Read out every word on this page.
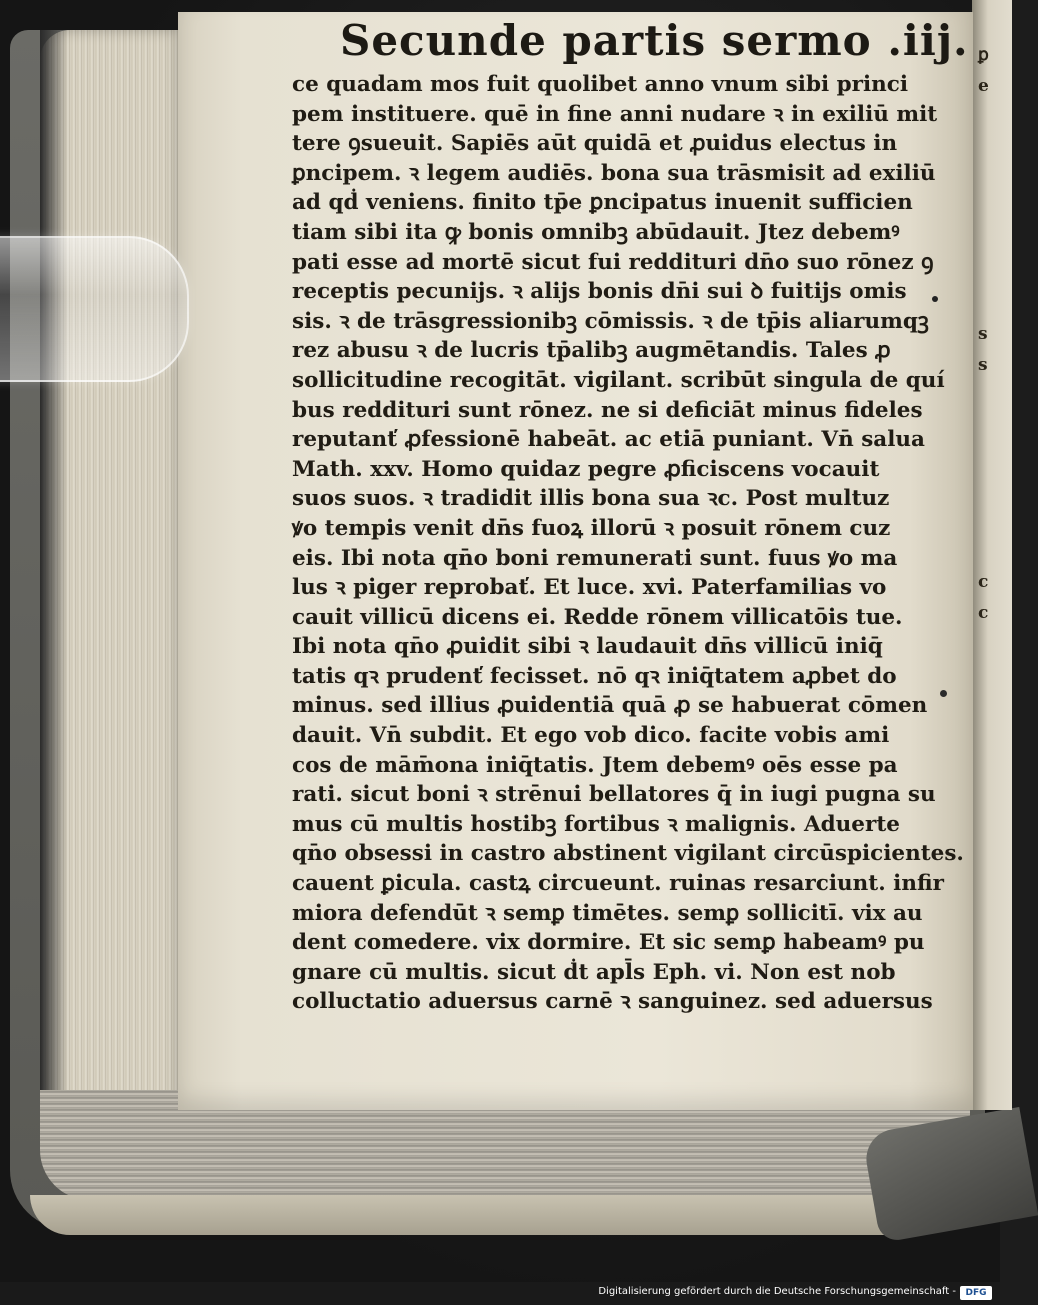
ꝑ
e
s
s
c
c
Secunde partis sermo .iij.
ce quadam mos fuit quolibet anno vnum sibi princi
pem instituere. quē in fine anni nudare ꝛ in exiliū mit
tere ꝯsueuit. Sapiēs aūt quidā et ꝓuidus electus in
ꝑncipem. ꝛ legem audiēs. bona sua trāsmisit ad exiliū
ad qḋ veniens. finito tp̄e ꝑncipatus inuenit sufficien
tiam sibi ita ꝙ bonis omnibꝫ abūdauit. Jtez debemꝰ
pati esse ad mortē sicut fui reddituri dn̄o suo rōnez ꝯ
receptis pecunijs. ꝛ alijs bonis dn̄i sui ꝺ fuitijs omis
sis. ꝛ de trāsgressionibꝫ cōmissis. ꝛ de tp̄is aliarumqꝫ
rez abusu ꝛ de lucris tp̄alibꝫ augmētandis. Tales ꝓ
sollicitudine recogitāt. vigilant. scribūt singula de quí
bus reddituri sunt rōnez. ne si deficiāt minus fideles
reputanť ꝓfessionē habeāt. ac etiā puniant. Vn̄ salua
Math. xxv. Homo quidaz pegre ꝓficiscens vocauit
suos suos. ꝛ tradidit illis bona sua ꝛc. Post multuz
ꝟo tempis venit dn̄s fuoꝝ illorū ꝛ posuit rōnem cuz
eis. Ibi nota qn̄o boni remunerati sunt. fuus ꝟo ma
lus ꝛ piger reprobať. Et luce. xvi. Paterfamilias vo
cauit villicū dicens ei. Redde rōnem villicatōis tue.
Ibi nota qn̄o ꝓuidit sibi ꝛ laudauit dn̄s villicū iniq̄
tatis qꝛ prudenť fecisset. nō qꝛ iniq̄tatem aꝓbet do
minus. sed illius ꝓuidentiā quā ꝓ se habuerat cōmen
dauit. Vn̄ subdit. Et ego vob dico. facite vobis ami
cos de mām̄ona iniq̄tatis. Jtem debemꝰ oēs esse pa
rati. sicut boni ꝛ strēnui bellatores q̄ in iugi pugna su
mus cū multis hostibꝫ fortibus ꝛ malignis. Aduerte
qn̄o obsessi in castro abstinent vigilant circūspicientes.
cauent ꝑicula. castꝝ circueunt. ruinas resarciunt. infir
miora defendūt ꝛ semꝑ timētes. semꝑ sollicitī. vix au
dent comedere. vix dormire. Et sic semꝑ habeamꝰ pu
gnare cū multis. sicut ḋt apl̄s Eph. vi. Non est nob
colluctatio aduersus carnē ꝛ sanguinez. sed aduersus
Digitalisierung gefördert durch die Deutsche Forschungsgemeinschaft -	DFG
